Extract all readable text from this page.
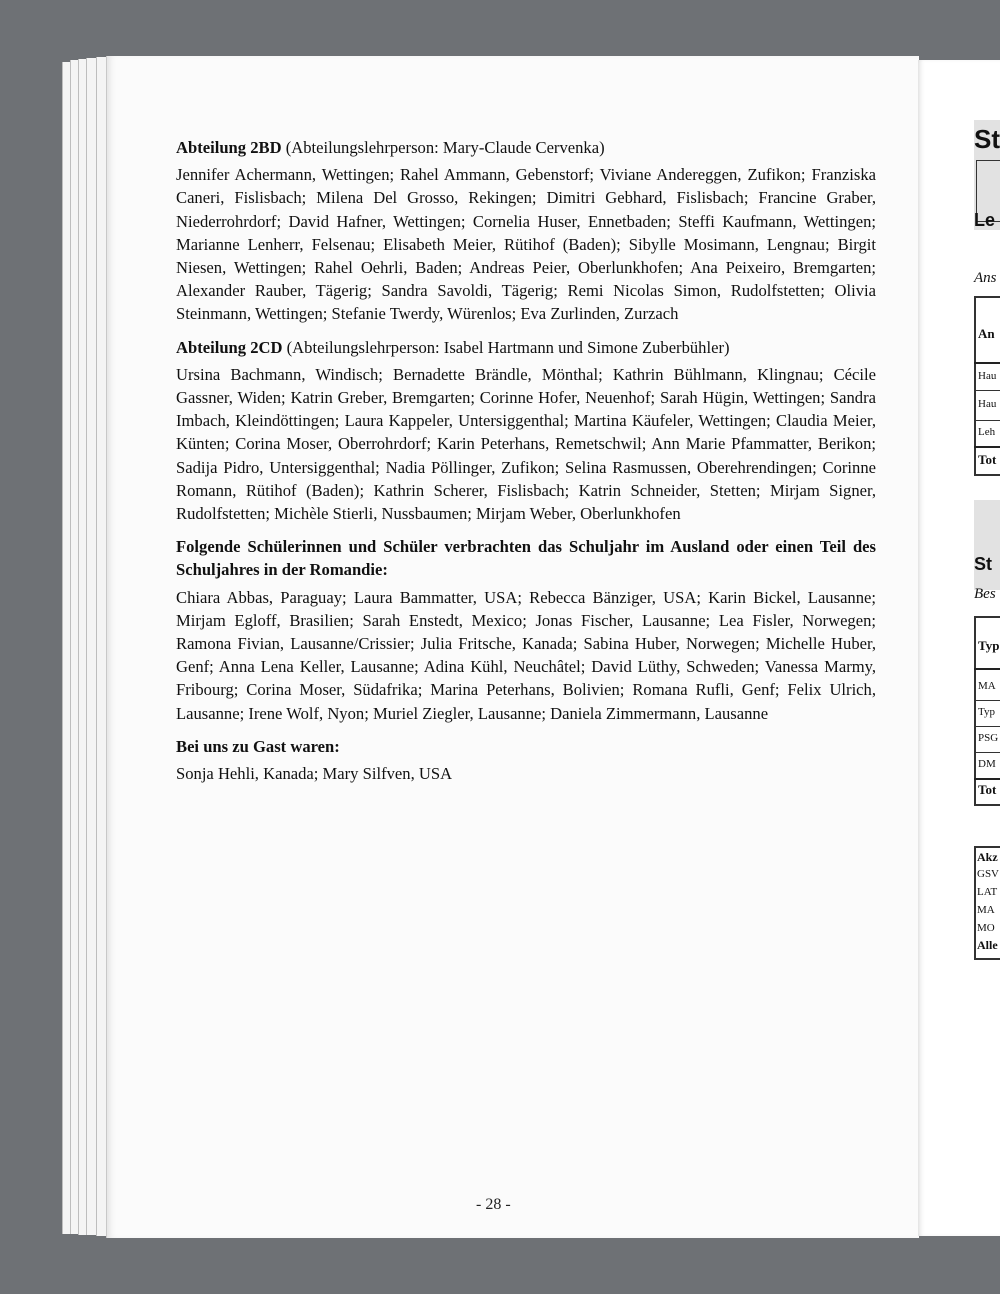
Abteilung 2BD (Abteilungslehrperson: Mary-Claude Cervenka)

Jennifer Achermann, Wettingen; Rahel Ammann, Gebenstorf; Viviane Andereggen, Zufikon; Franziska Caneri, Fislisbach; Milena Del Grosso, Rekingen; Dimitri Gebhard, Fislisbach; Francine Graber, Niederrohrdorf; David Hafner, Wettingen; Cornelia Huser, Ennetbaden; Steffi Kaufmann, Wettingen; Marianne Lenherr, Felsenau; Elisabeth Meier, Rütihof (Baden); Sibylle Mosimann, Lengnau; Birgit Niesen, Wettingen; Rahel Oehrli, Baden; Andreas Peier, Oberlunkhofen; Ana Peixeiro, Bremgarten; Alexander Rauber, Tägerig; Sandra Savoldi, Tägerig; Remi Nicolas Simon, Rudolfstetten; Olivia Steinmann, Wettingen; Stefanie Twerdy, Würenlos; Eva Zurlinden, Zurzach

Abteilung 2CD (Abteilungslehrperson: Isabel Hartmann und Simone Zuberbühler)

Ursina Bachmann, Windisch; Bernadette Brändle, Mönthal; Kathrin Bühlmann, Klingnau; Cécile Gassner, Widen; Katrin Greber, Bremgarten; Corinne Hofer, Neuenhof; Sarah Hügin, Wettingen; Sandra Imbach, Kleindöttingen; Laura Kappeler, Untersiggenthal; Martina Käufeler, Wettingen; Claudia Meier, Künten; Corina Moser, Oberrohrdorf; Karin Peterhans, Remetschwil; Ann Marie Pfammatter, Berikon; Sadija Pidro, Untersiggenthal; Nadia Pöllinger, Zufikon; Selina Rasmussen, Oberehrendingen; Corinne Romann, Rütihof (Baden); Kathrin Scherer, Fislisbach; Katrin Schneider, Stetten; Mirjam Signer, Rudolfstetten; Michèle Stierli, Nussbaumen; Mirjam Weber, Oberlunkhofen

Folgende Schülerinnen und Schüler verbrachten das Schuljahr im Ausland oder einen Teil des Schuljahres in der Romandie:

Chiara Abbas, Paraguay; Laura Bammatter, USA; Rebecca Bänziger, USA; Karin Bickel, Lausanne; Mirjam Egloff, Brasilien; Sarah Enstedt, Mexico; Jonas Fischer, Lausanne; Lea Fisler, Norwegen; Ramona Fivian, Lausanne/Crissier; Julia Fritsche, Kanada; Sabina Huber, Norwegen; Michelle Huber, Genf; Anna Lena Keller, Lausanne; Adina Kühl, Neuchâtel; David Lüthy, Schweden; Vanessa Marmy, Fribourg; Corina Moser, Südafrika; Marina Peterhans, Bolivien; Romana Rufli, Genf; Felix Ulrich, Lausanne; Irene Wolf, Nyon; Muriel Ziegler, Lausanne; Daniela Zimmermann, Lausanne

Bei uns zu Gast waren:

Sonja Hehli, Kanada; Mary Silfven, USA

- 28 -
St
Le
Ans
An
Hau
Hau
Leh
Tot
St
Bes
Typ
MA
Typ
PSG
DM
Tot
Akz
GSV
LAT
MA
MO
Alle
